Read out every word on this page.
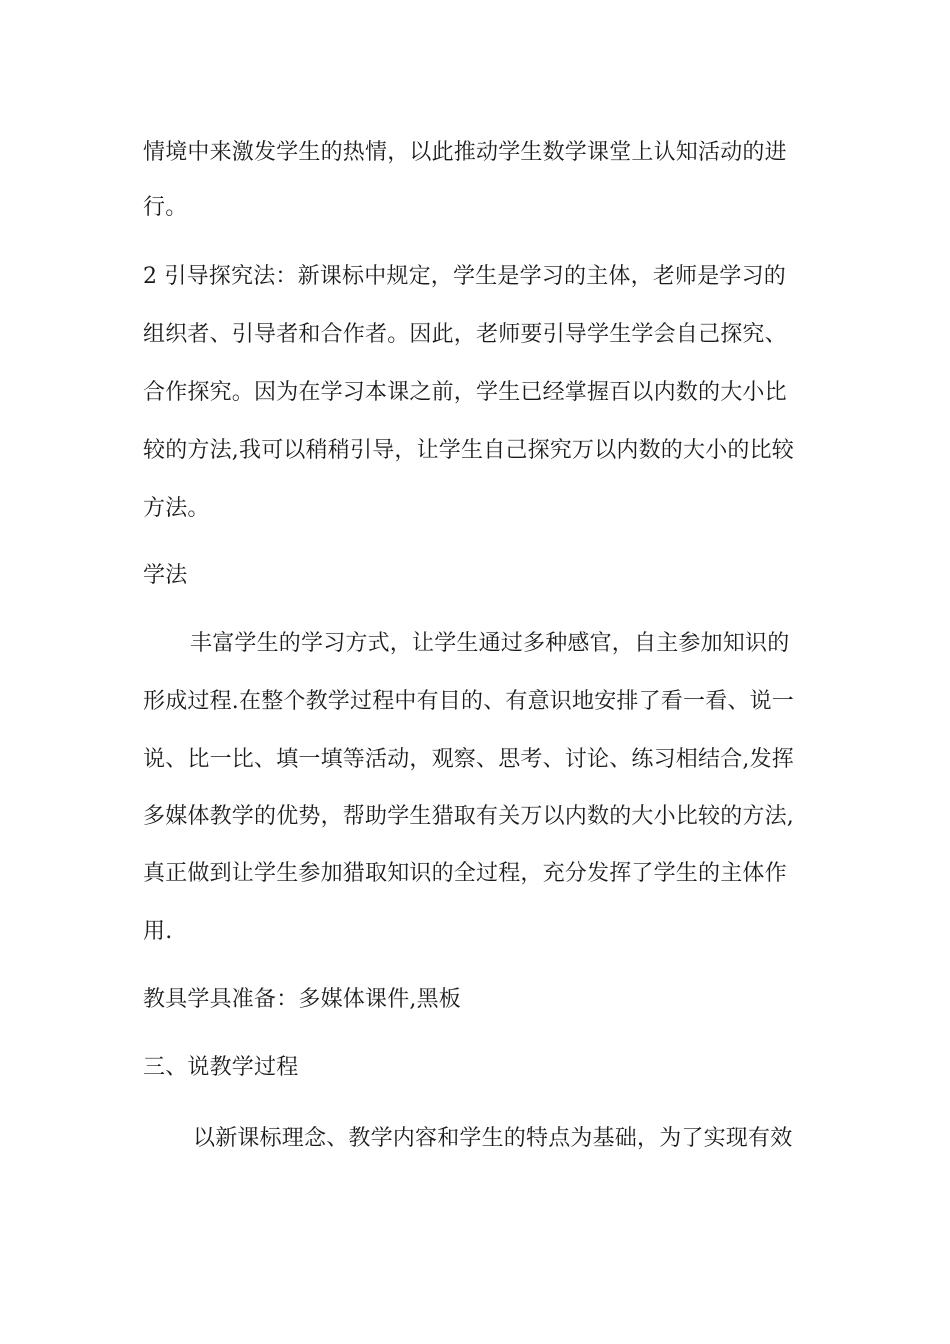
情境中来激发学生的热情，以此推动学生数学课堂上认知活动的进
行。
2 引导探究法：新课标中规定，学生是学习的主体，老师是学习的
组织者、引导者和合作者。因此，老师要引导学生学会自己探究、
合作探究。因为在学习本课之前，学生已经掌握百以内数的大小比
较的方法,我可以稍稍引导，让学生自己探究万以内数的大小的比较
方法。
学法
丰富学生的学习方式，让学生通过多种感官，自主参加知识的
形成过程.在整个教学过程中有目的、有意识地安排了看一看、说一
说、比一比、填一填等活动，观察、思考、讨论、练习相结合,发挥
多媒体教学的优势，帮助学生猎取有关万以内数的大小比较的方法,
真正做到让学生参加猎取知识的全过程，充分发挥了学生的主体作
用.
教具学具准备：多媒体课件,黑板
三、说教学过程
以新课标理念、教学内容和学生的特点为基础，为了实现有效
